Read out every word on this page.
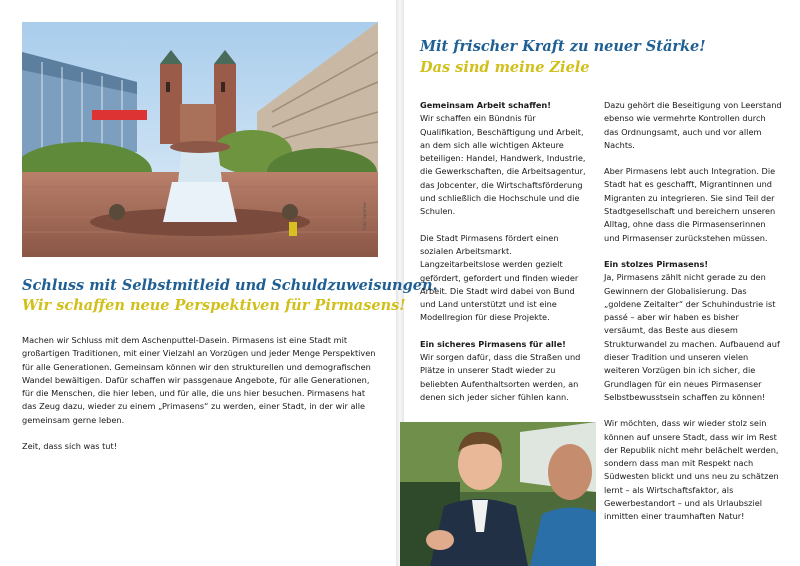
Foto: Sparrow
Schluss mit Selbstmitleid und Schuldzuweisungen.
Wir schaffen neue Perspektiven für Pirmasens!

Machen wir Schluss mit dem Aschenputtel-Dasein. Pirmasens ist eine Stadt mit großartigen Traditionen, mit einer Vielzahl an Vorzügen und jeder Menge Perspektiven für alle Generationen. Gemeinsam können wir den strukturellen und demografischen Wandel bewältigen. Dafür schaffen wir passgenaue Angebote, für alle Generationen, für die Menschen, die hier leben, und für alle, die uns hier besuchen. Pirmasens hat das Zeug dazu, wieder zu einem „Primasens“ zu werden, einer Stadt, in der wir alle gemeinsam gerne leben.

Zeit, dass sich was tut!

Mit frischer Kraft zu neuer Stärke!
Das sind meine Ziele
Gemeinsam Arbeit schaffen!

Wir schaffen ein Bündnis für Qualifikation, Beschäftigung und Arbeit, an dem sich alle wichtigen Akteure beteiligen: Handel, Handwerk, Industrie, die Gewerkschaften, die Arbeitsagentur, das Jobcenter, die Wirtschaftsförderung und schließlich die Hochschule und die Schulen.

Die Stadt Pirmasens fördert einen sozialen Arbeitsmarkt. Langzeitarbeitslose werden gezielt gefördert, gefordert und finden wieder Arbeit. Die Stadt wird dabei von Bund und Land unterstützt und ist eine Modellregion für diese Projekte.

Ein sicheres Pirmasens für alle!

Wir sorgen dafür, dass die Straßen und Plätze in unserer Stadt wieder zu beliebten Aufenthaltsorten werden, an denen sich jeder sicher fühlen kann.

Dazu gehört die Beseitigung von Leerstand ebenso wie vermehrte Kontrollen durch das Ordnungsamt, auch und vor allem Nachts.

Aber Pirmasens lebt auch Integration. Die Stadt hat es geschafft, Migrantinnen und Migranten zu integrieren. Sie sind Teil der Stadtgesellschaft und bereichern unseren Alltag, ohne dass die Pirmasenserinnen und Pirmasenser zurückstehen müssen.

Ein stolzes Pirmasens!

Ja, Pirmasens zählt nicht gerade zu den Gewinnern der Globalisierung. Das „goldene Zeitalter“ der Schuhindustrie ist passé – aber wir haben es bisher versäumt, das Beste aus diesem Strukturwandel zu machen. Aufbauend auf dieser Tradition und unseren vielen weiteren Vorzügen bin ich sicher, die Grundlagen für ein neues Pirmasenser Selbstbewusstsein schaffen zu können!

Wir möchten, dass wir wieder stolz sein können auf unsere Stadt, dass wir im Rest der Republik nicht mehr belächelt werden, sondern dass man mit Respekt nach Südwesten blickt und uns neu zu schätzen lernt – als Wirtschaftsfaktor, als Gewerbestandort – und als Urlaubsziel inmitten einer traumhaften Natur!
